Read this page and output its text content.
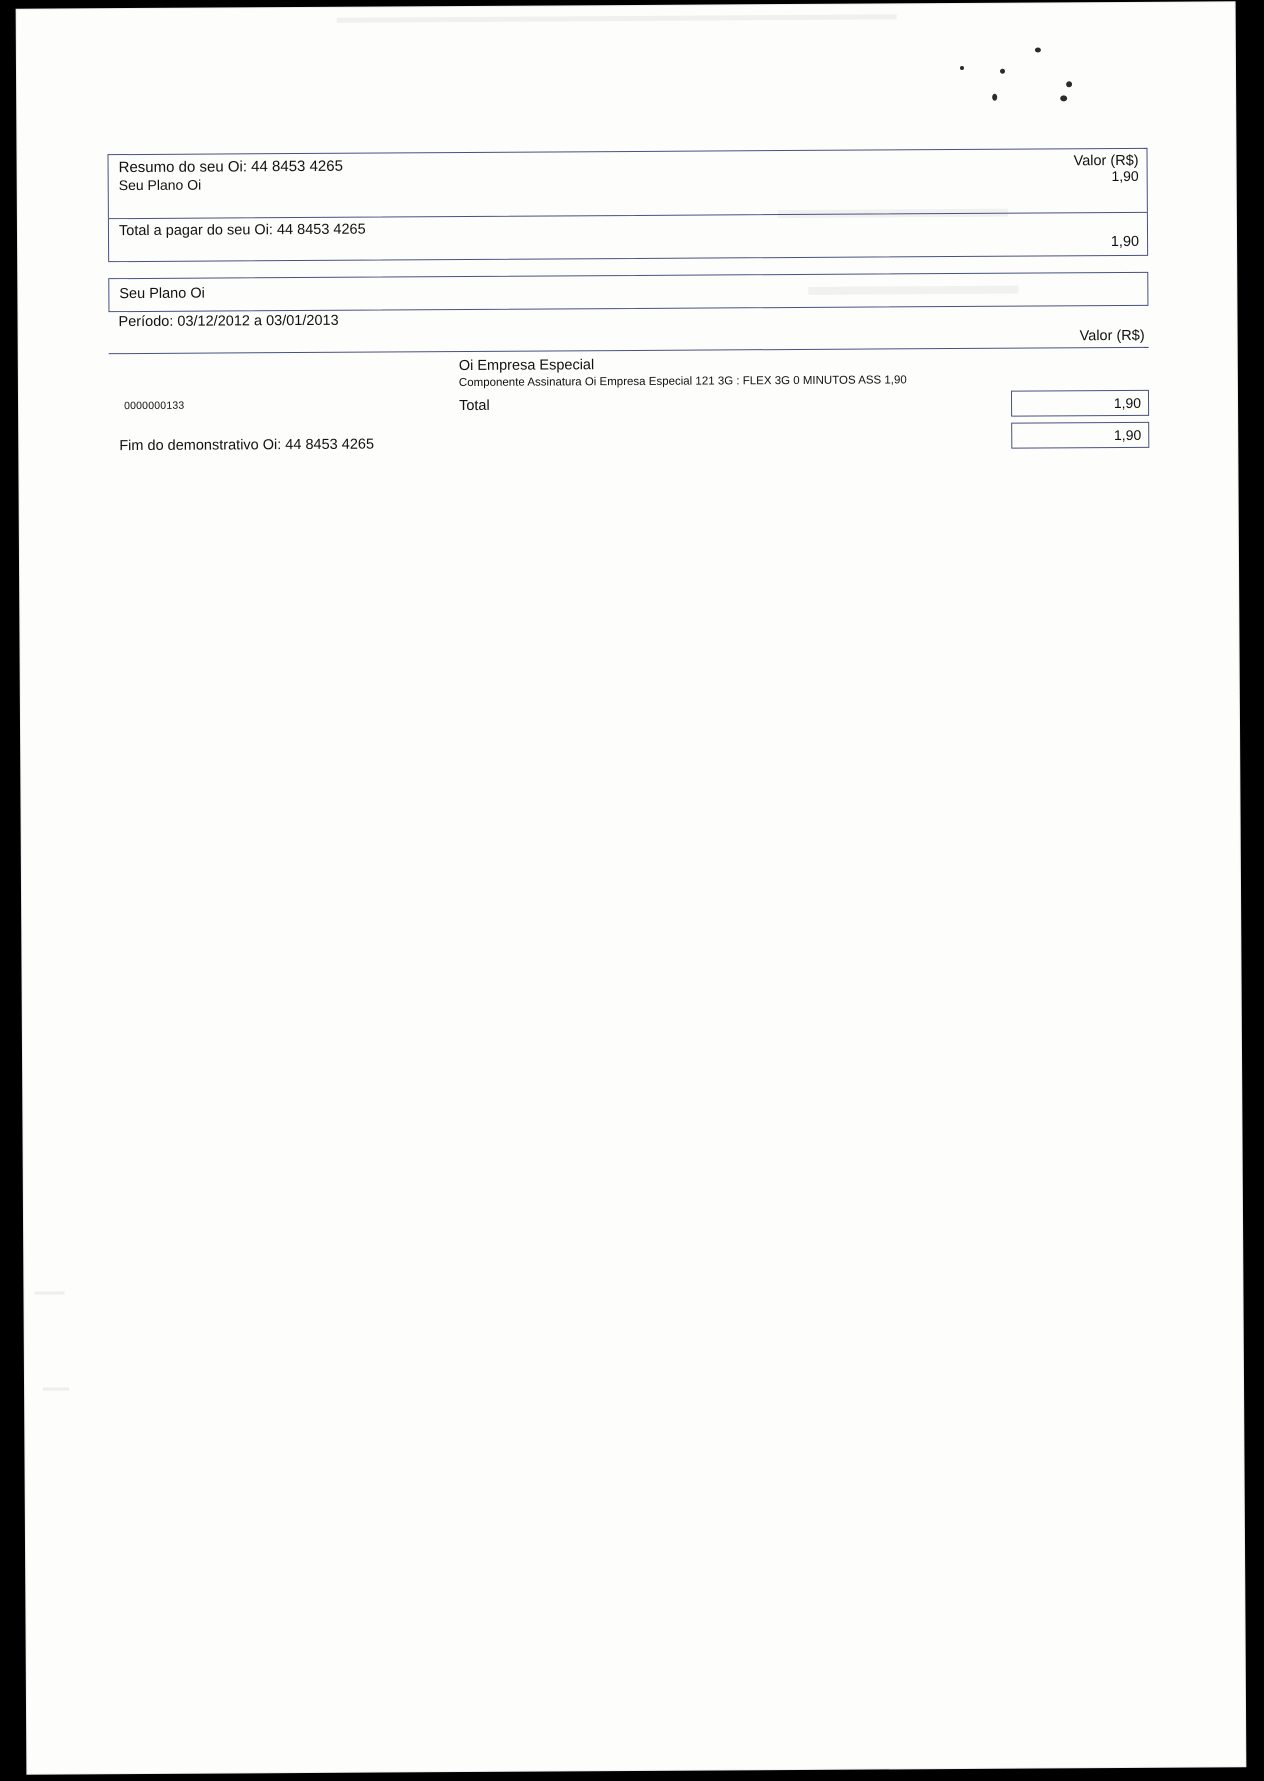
Resumo do seu Oi: 44 8453 4265
Seu Plano Oi
Valor (R$)
1,90
Total a pagar do seu Oi: 44 8453 4265
1,90
Seu Plano Oi
Período: 03/12/2012 a 03/01/2013
Valor (R$)
Oi Empresa Especial
Componente Assinatura Oi Empresa Especial 121 3G : FLEX 3G 0 MINUTOS ASS 1,90
Total
0000000133	1,90
1,90
Fim do demonstrativo Oi: 44 8453 4265
